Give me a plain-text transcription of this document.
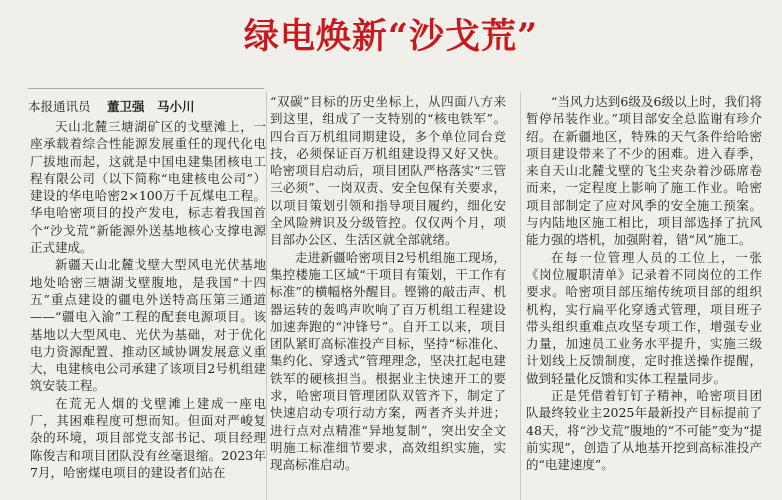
绿电焕新“沙戈荒”

本报通讯员　 董卫强　马小川

天山北麓三塘湖矿区的戈壁滩上，一座承载着综合性能源发展重任的现代化电厂拔地而起，这就是中国电建集团核电工程有限公司（以下简称“电建核电公司”）建设的华电哈密2×100万千瓦煤电工程。华电哈密项目的投产发电，标志着我国首个“沙戈荒”新能源外送基地核心支撑电源正式建成。

新疆天山北麓戈壁大型风电光伏基地地处哈密三塘湖戈壁腹地，是我国“十四五”重点建设的疆电外送特高压第三通道——“疆电入渝”工程的配套电源项目。该基地以大型风电、光伏为基础，对于优化电力资源配置、推动区域协调发展意义重大，电建核电公司承建了该项目2号机组建筑安装工程。

在荒无人烟的戈壁滩上建成一座电厂，其困难程度可想而知。但面对严峻复杂的环境，项目部党支部书记、项目经理陈俊吉和项目团队没有丝毫退缩。2023年7月，哈密煤电项目的建设者们站在

“双碳”目标的历史坐标上，从四面八方来到这里，组成了一支特别的“核电铁军”。四台百万机组同期建设，多个单位同台竞技，必须保证百万机组建设得又好又快。哈密项目启动后，项目团队严格落实“三管三必须”、一岗双责、安全包保有关要求，以项目策划引领和指导项目履约，细化安全风险辨识及分级管控。仅仅两个月，项目部办公区、生活区就全部就绪。

走进新疆哈密项目2号机组施工现场，集控楼施工区域“干项目有策划，干工作有标准”的横幅格外醒目。铿锵的敲击声、机器运转的轰鸣声吹响了百万机组工程建设加速奔跑的“冲锋号”。自开工以来，项目团队紧盯高标准投产目标，坚持“标准化、集约化、穿透式”管理理念，坚决扛起电建铁军的硬核担当。根据业主快速开工的要求，哈密项目管理团队双管齐下，制定了快速启动专项行动方案，两者齐头并进；进行点对点精准“异地复制”，突出安全文明施工标准细节要求，高效组织实施，实现高标准启动。

“当风力达到6级及6级以上时，我们将暂停吊装作业。”项目部安全总监谢有珍介绍。在新疆地区，特殊的天气条件给哈密项目建设带来了不少的困难。进入春季，来自天山北麓戈壁的飞尘夹杂着沙砾席卷而来，一定程度上影响了施工作业。哈密项目部制定了应对风季的安全施工预案。与内陆地区施工相比，项目部选择了抗风能力强的塔机，加强附着，错“风”施工。

在每一位管理人员的工位上，一张《岗位履职清单》记录着不同岗位的工作要求。哈密项目部压缩传统项目部的组织机构，实行扁平化穿透式管理，项目班子带头组织重难点攻坚专项工作，增强专业力量，加速员工业务水平提升，实施三级计划线上反馈制度，定时推送操作提醒，做到轻量化反馈和实体工程量同步。

正是凭借着钉钉子精神，哈密项目团队最终较业主2025年最新投产目标提前了48天，将“沙戈荒”腹地的“不可能”变为“提前实现”，创造了从地基开挖到高标准投产的“电建速度”。
